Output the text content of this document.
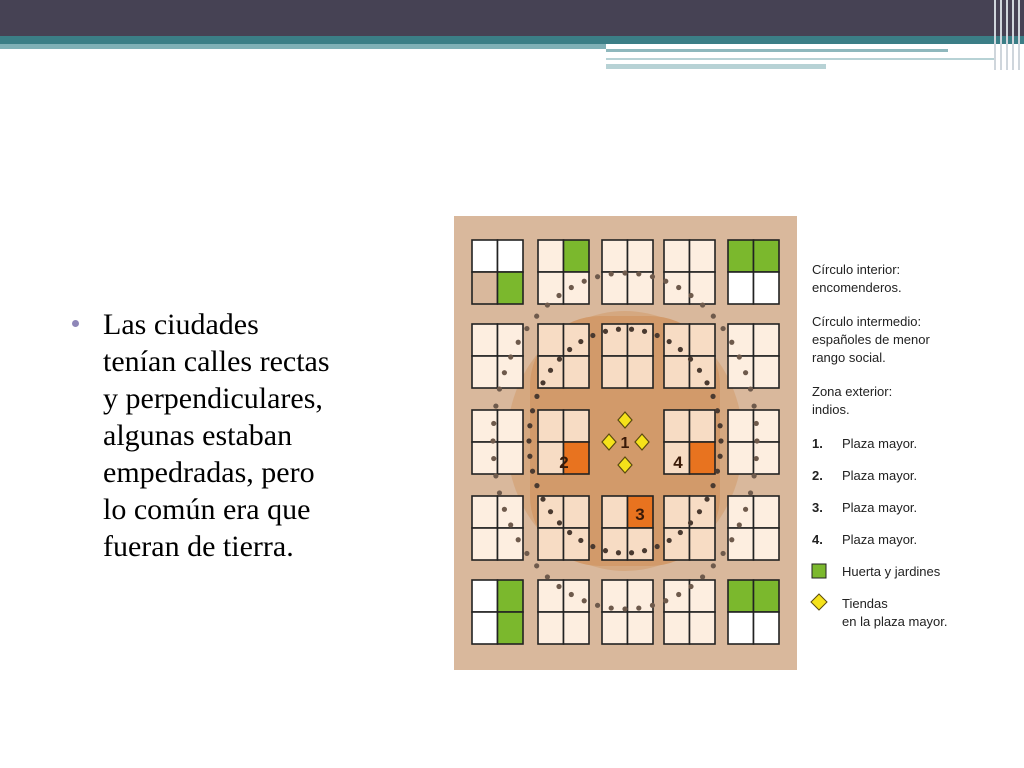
Las ciudades
tenían calles rectas
y perpendiculares,
algunas estaban
empedradas, pero
lo común era que
fueran de tierra.
2
3
4
1
Círculo interior:
encomenderos.
Círculo intermedio:
españoles de menor
rango social.
Zona exterior:
indios.
1. Plaza mayor.
2. Plaza mayor.
3. Plaza mayor.
4. Plaza mayor.
Huerta y jardines
Tiendas
en la plaza mayor.
